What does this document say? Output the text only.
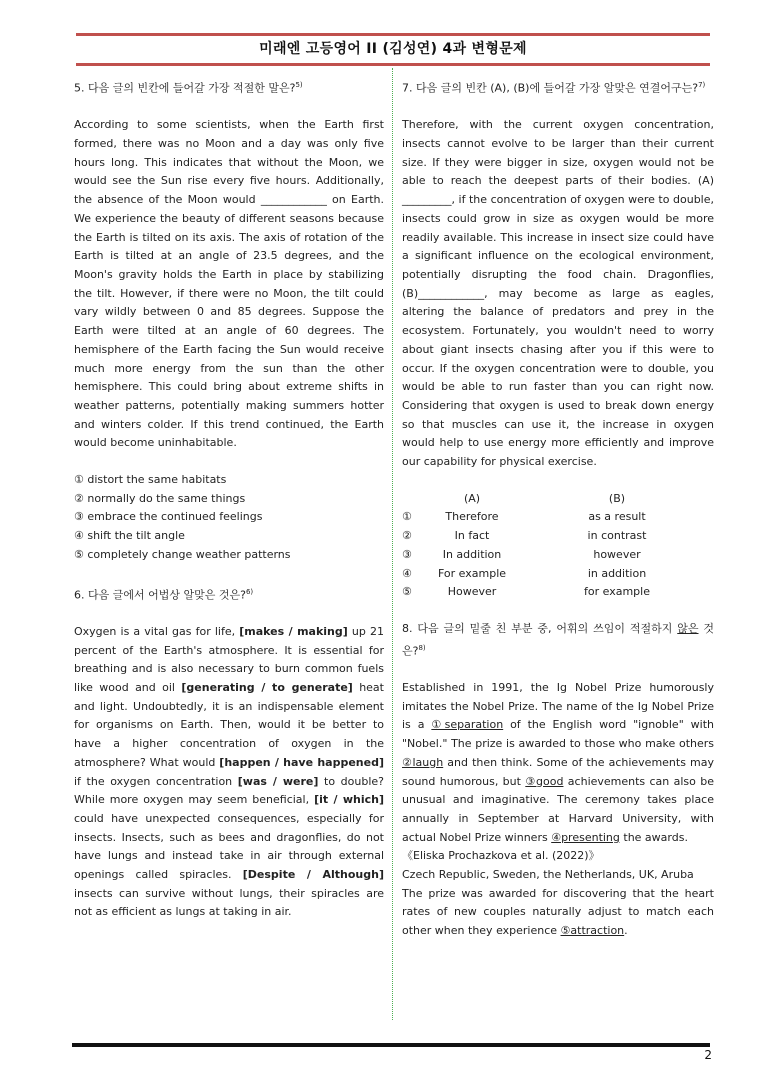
미래엔 고등영어 II (김성연) 4과 변형문제

5. 다음 글의 빈칸에 들어갈 가장 적절한 말은?$^{5)}$

According to some scientists, when the Earth first formed, there was no Moon and a day was only five hours long. This indicates that without the Moon, we would see the Sun rise every five hours. Additionally, the absence of the Moon would ____________ on Earth. We experience the beauty of different seasons because the Earth is tilted on its axis. The axis of rotation of the Earth is tilted at an angle of 23.5 degrees, and the Moon's gravity holds the Earth in place by stabilizing the tilt. However, if there were no Moon, the tilt could vary wildly between 0 and 85 degrees. Suppose the Earth were tilted at an angle of 60 degrees. The hemisphere of the Earth facing the Sun would receive much more energy from the sun than the other hemisphere. This could bring about extreme shifts in weather patterns, potentially making summers hotter and winters colder. If this trend continued, the Earth would become uninhabitable.

① distort the same habitats

② normally do the same things

③ embrace the continued feelings

④ shift the tilt angle

⑤ completely change weather patterns

6. 다음 글에서 어법상 알맞은 것은?$^{6)}$

Oxygen is a vital gas for life, [makes / making] up 21 percent of the Earth's atmosphere. It is essential for breathing and is also necessary to burn common fuels like wood and oil [generating / to generate] heat and light. Undoubtedly, it is an indispensable element for organisms on Earth. Then, would it be better to have a higher concentration of oxygen in the atmosphere? What would [happen / have happened] if the oxygen concentration [was / were] to double? While more oxygen may seem beneficial, [it / which] could have unexpected consequences, especially for insects. Insects, such as bees and dragonflies, do not have lungs and instead take in air through external openings called spiracles. [Despite / Although] insects can survive without lungs, their spiracles are not as efficient as lungs at taking in air.

7. 다음 글의 빈칸 (A), (B)에 들어갈 가장 알맞은 연결어구는?$^{7)}$

Therefore, with the current oxygen concentration, insects cannot evolve to be larger than their current size. If they were bigger in size, oxygen would not be able to reach the deepest parts of their bodies. (A) _________, if the concentration of oxygen were to double, insects could grow in size as oxygen would be more readily available. This increase in insect size could have a significant influence on the ecological environment, potentially disrupting the food chain. Dragonflies, (B)____________, may become as large as eagles, altering the balance of predators and prey in the ecosystem. Fortunately, you wouldn't need to worry about giant insects chasing after you if this were to occur. If the oxygen concentration were to double, you would be able to run faster than you can right now. Considering that oxygen is used to break down energy so that muscles can use it, the increase in oxygen would help to use energy more efficiently and improve our capability for physical exercise.

(A)	(B)
①	Therefore	as a result
②	In fact	in contrast
③	In addition	however
④	For example	in addition
⑤	However	for example

8. 다음 글의 밑줄 친 부분 중, 어휘의 쓰임이 적절하지 않은 것은?$^{8)}$

Established in 1991, the Ig Nobel Prize humorously imitates the Nobel Prize. The name of the Ig Nobel Prize is a ①separation of the English word "ignoble" with "Nobel." The prize is awarded to those who make others ②laugh and then think. Some of the achievements may sound humorous, but ③good achievements can also be unusual and imaginative. The ceremony takes place annually in September at Harvard University, with actual Nobel Prize winners ④presenting the awards.

《Eliska Prochazkova et al. (2022)》

Czech Republic, Sweden, the Netherlands, UK, Aruba

The prize was awarded for discovering that the heart rates of new couples naturally adjust to match each other when they experience ⑤attraction.

2
